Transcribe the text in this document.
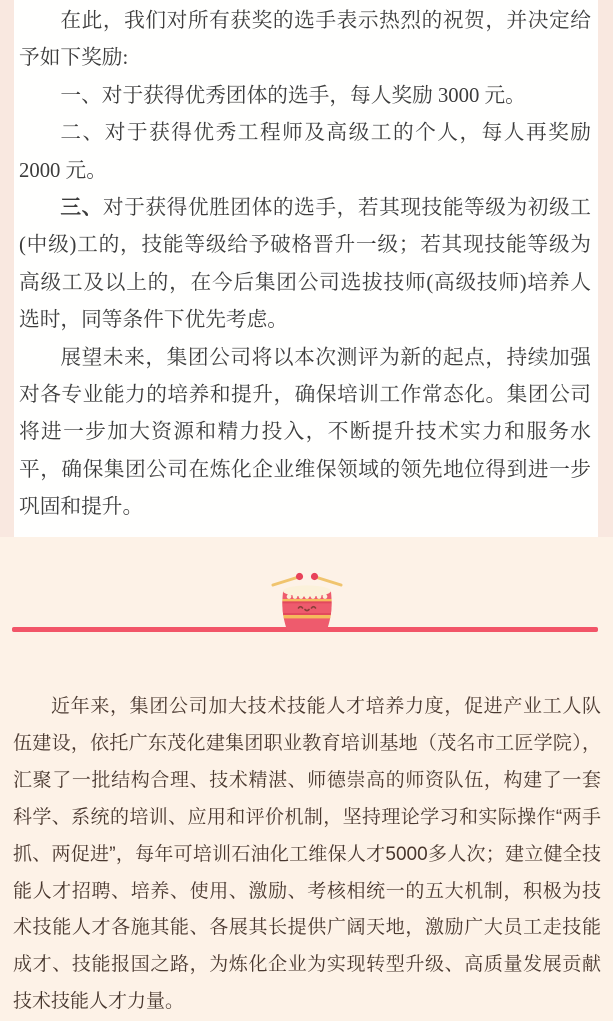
在此，我们对所有获奖的选手表示热烈的祝贺，并决定给予如下奖励:

一、对于获得优秀团体的选手，每人奖励 3000 元。

二、对于获得优秀工程师及高级工的个人，每人再奖励 2000 元。

三、对于获得优胜团体的选手，若其现技能等级为初级工(中级)工的，技能等级给予破格晋升一级；若其现技能等级为高级工及以上的，在今后集团公司选拔技师(高级技师)培养人选时，同等条件下优先考虑。

展望未来，集团公司将以本次测评为新的起点，持续加强对各专业能力的培养和提升，确保培训工作常态化。集团公司将进一步加大资源和精力投入，不断提升技术实力和服务水平，确保集团公司在炼化企业维保领域的领先地位得到进一步巩固和提升。

近年来，集团公司加大技术技能人才培养力度，促进产业工人队伍建设，依托广东茂化建集团职业教育培训基地（茂名市工匠学院），汇聚了一批结构合理、技术精湛、师德崇高的师资队伍，构建了一套科学、系统的培训、应用和评价机制，坚持理论学习和实际操作“两手抓、两促进”，每年可培训石油化工维保人才5000多人次；建立健全技能人才招聘、培养、使用、激励、考核相统一的五大机制，积极为技术技能人才各施其能、各展其长提供广阔天地，激励广大员工走技能成才、技能报国之路，为炼化企业为实现转型升级、高质量发展贡献技术技能人才力量。
